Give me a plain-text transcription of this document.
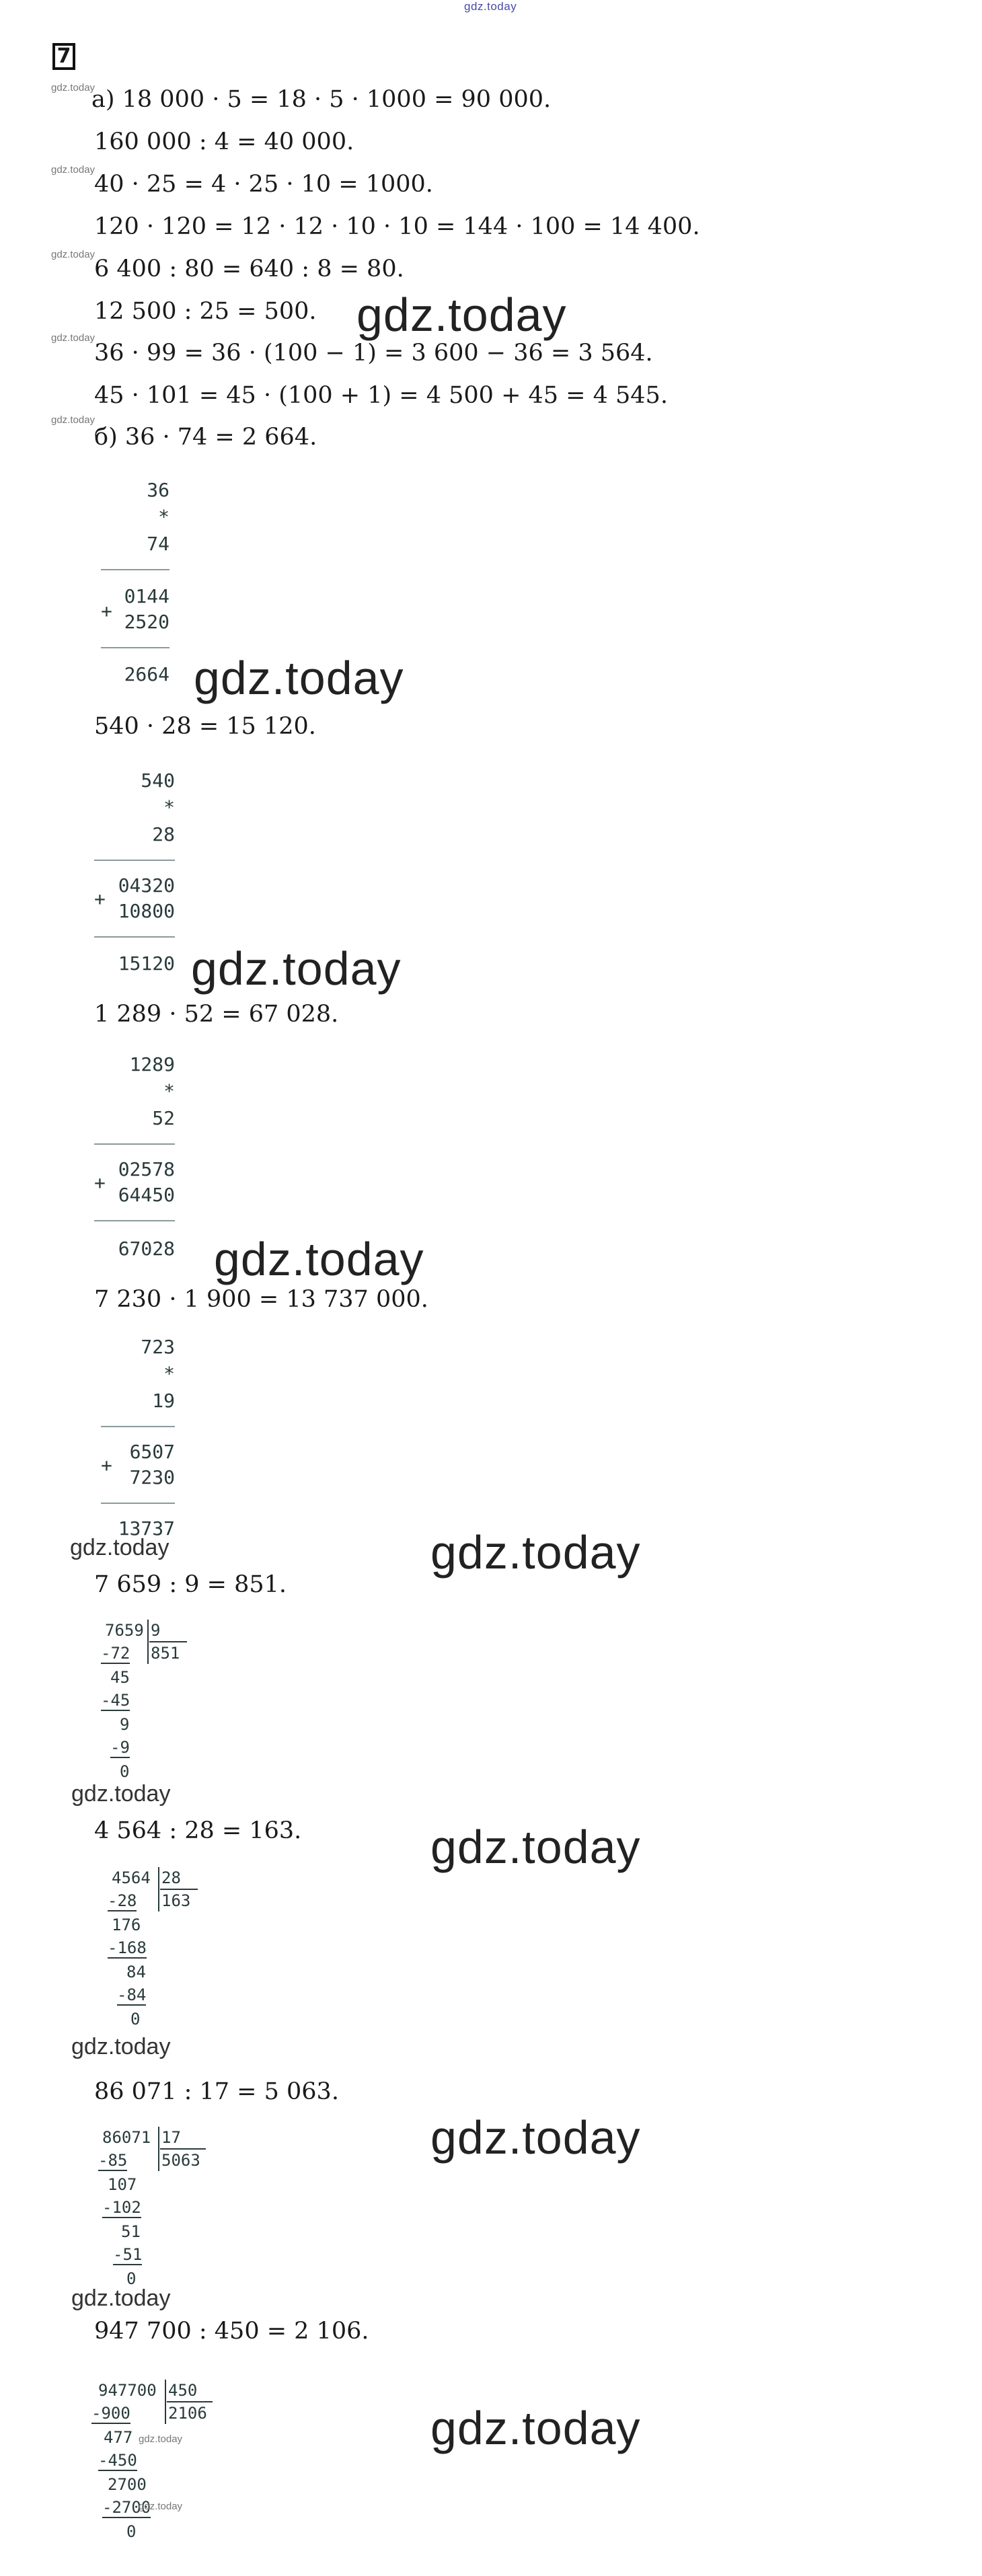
gdz.today
7
а) 18 000 · 5 = 18 · 5 · 1000 = 90 000.
160 000 : 4 = 40 000.
40 · 25 = 4 · 25 · 10 = 1000.
120 · 120 = 12 · 12 · 10 · 10 = 144 · 100 = 14 400.
6 400 : 80 = 640 : 8 = 80.
12 500 : 25 = 500.
36 · 99 = 36 · (100 − 1) = 3 600 − 36 = 3 564.
45 · 101 = 45 · (100 + 1) = 4 500 + 45 = 4 545.
б) 36 · 74 = 2 664.
gdz.today
gdz.today
gdz.today
gdz.today
gdz.today
gdz.today
36
*
74
+
0144
2520
2664 gdz.today
540 · 28 = 15 120.
540
*
28
+
04320
10800
15120 gdz.today
1 289 · 52 = 67 028.
1289
*
52
+
02578
64450
67028 gdz.today
7 230 · 1 900 = 13 737 000.
723
*
19
+
6507
7230
13737
gdz.today	gdz.today
7 659 : 9 = 851.
7659 9
851
-72
45
-45
9
-9
0
gdz.today
gdz.today
4 564 : 28 = 163.
4564 28
163
-28
176
-168
84
-84
0
gdz.today
gdz.today
86 071 : 17 = 5 063.
86071 17
5063
-85
107
-102
51
-51
0
gdz.today
gdz.today
947 700 : 450 = 2 106.
947700 450
2106
-900
477
-450
2700
-2700
0
gdz.today
gdz.today
